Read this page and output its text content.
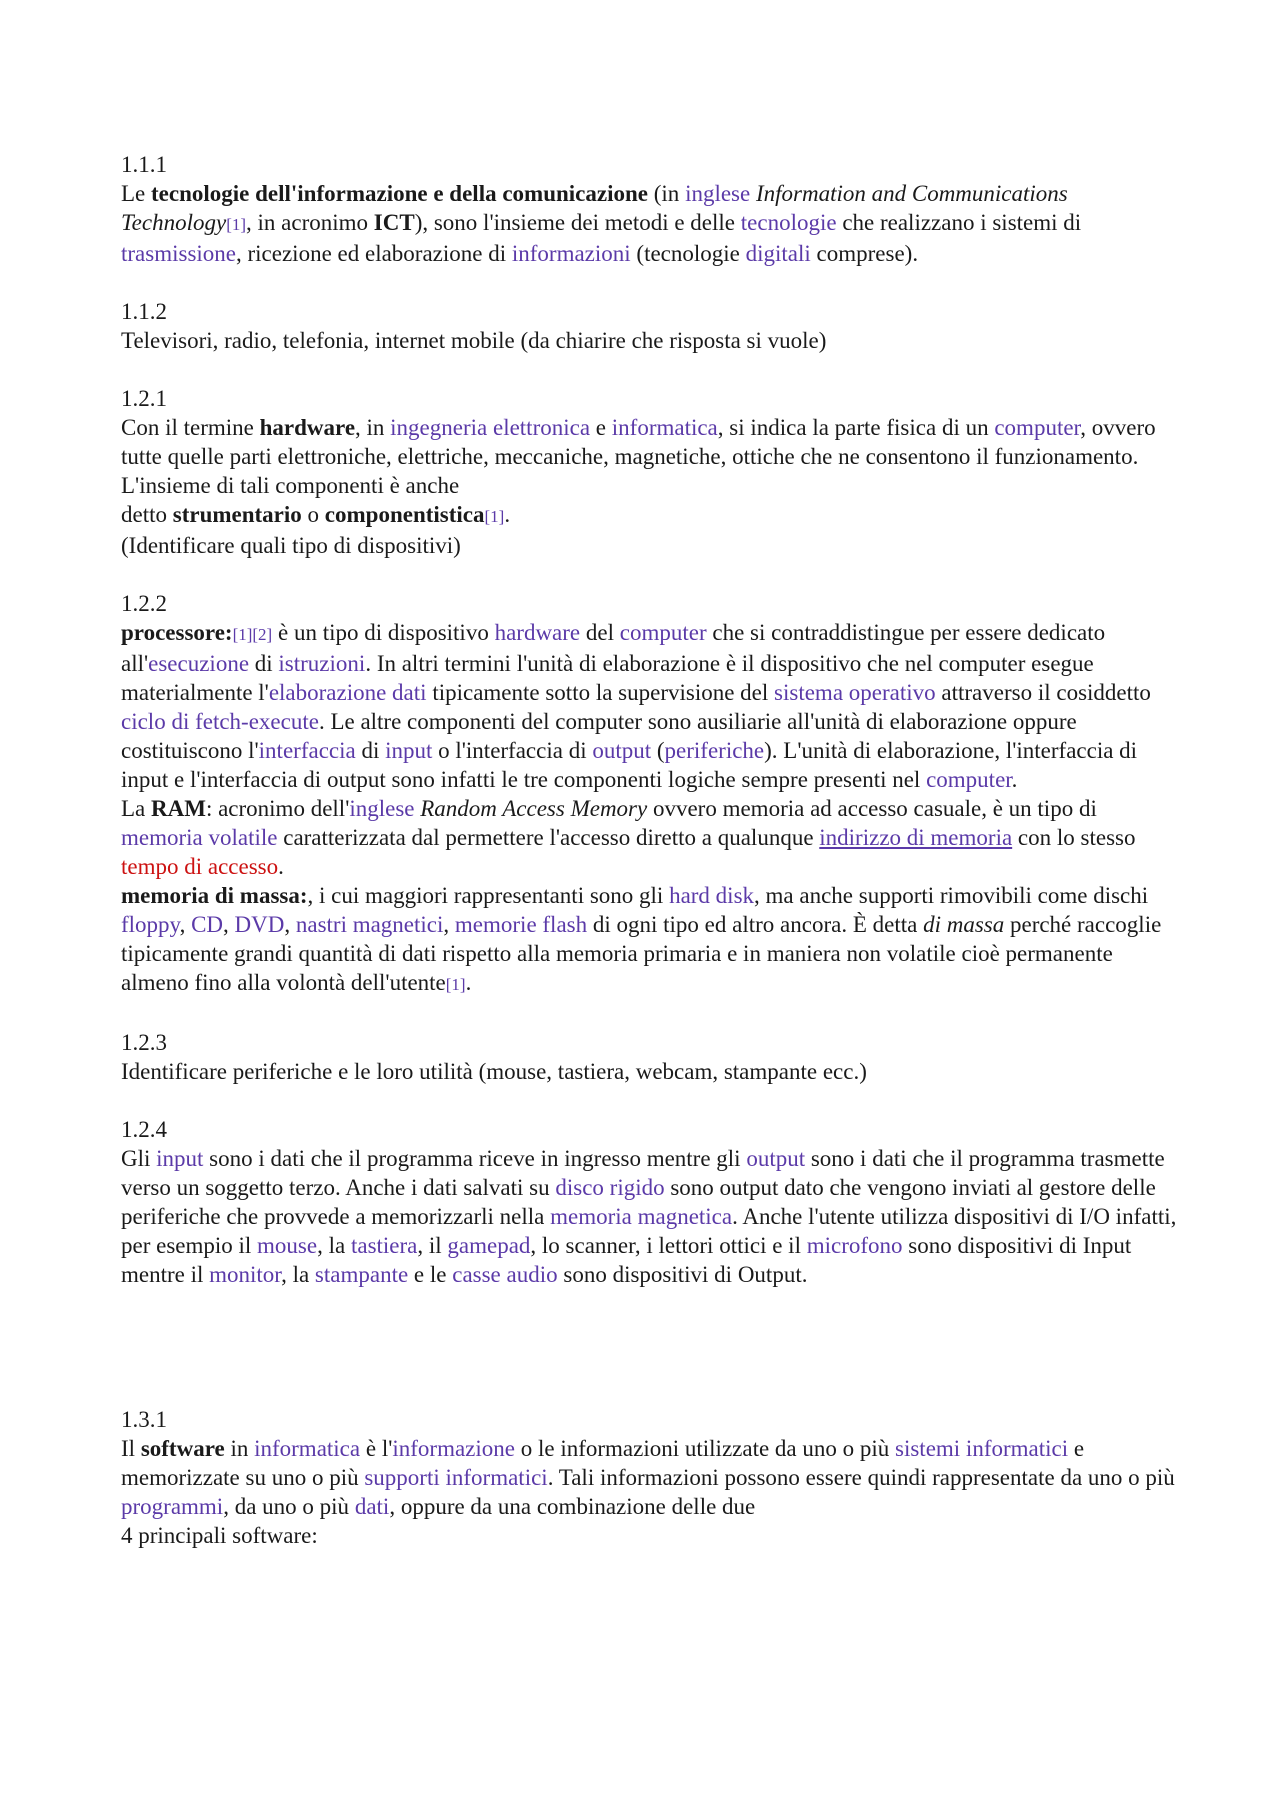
1.1.1

Le tecnologie dell'informazione e della comunicazione (in inglese Information and Communications Technology[1], in acronimo ICT), sono l'insieme dei metodi e delle tecnologie che realizzano i sistemi di trasmissione, ricezione ed elaborazione di informazioni (tecnologie digitali comprese).

1.1.2

Televisori, radio, telefonia, internet mobile (da chiarire che risposta si vuole)

1.2.1

Con il termine hardware, in ingegneria elettronica e informatica, si indica la parte fisica di un computer, ovvero tutte quelle parti elettroniche, elettriche, meccaniche, magnetiche, ottiche che ne consentono il funzionamento. L'insieme di tali componenti è anche
detto strumentario o componentistica[1].

(Identificare quali tipo di dispositivi)

1.2.2

processore:[1][2] è un tipo di dispositivo hardware del computer che si contraddistingue per essere dedicato all'esecuzione di istruzioni. In altri termini l'unità di elaborazione è il dispositivo che nel computer esegue materialmente l'elaborazione dati tipicamente sotto la supervisione del sistema operativo attraverso il cosiddetto ciclo di fetch-execute. Le altre componenti del computer sono ausiliarie all'unità di elaborazione oppure costituiscono l'interfaccia di input o l'interfaccia di output (periferiche). L'unità di elaborazione, l'interfaccia di input e l'interfaccia di output sono infatti le tre componenti logiche sempre presenti nel computer.

La RAM: acronimo dell'inglese Random Access Memory ovvero memoria ad accesso casuale, è un tipo di memoria volatile caratterizzata dal permettere l'accesso diretto a qualunque indirizzo di memoria con lo stesso tempo di accesso.

memoria di massa:, i cui maggiori rappresentanti sono gli hard disk, ma anche supporti rimovibili come dischi floppy, CD, DVD, nastri magnetici, memorie flash di ogni tipo ed altro ancora. È detta di massa perché raccoglie tipicamente grandi quantità di dati rispetto alla memoria primaria e in maniera non volatile cioè permanente almeno fino alla volontà dell'utente[1].

1.2.3

Identificare periferiche e le loro utilità (mouse, tastiera, webcam, stampante ecc.)

1.2.4

Gli input sono i dati che il programma riceve in ingresso mentre gli output sono i dati che il programma trasmette verso un soggetto terzo. Anche i dati salvati su disco rigido sono output dato che vengono inviati al gestore delle periferiche che provvede a memorizzarli nella memoria magnetica. Anche l'utente utilizza dispositivi di I/O infatti, per esempio il mouse, la tastiera, il gamepad, lo scanner, i lettori ottici e il microfono sono dispositivi di Input mentre il monitor, la stampante e le casse audio sono dispositivi di Output.

1.3.1

Il software in informatica è l'informazione o le informazioni utilizzate da uno o più sistemi informatici e memorizzate su uno o più supporti informatici. Tali informazioni possono essere quindi rappresentate da uno o più programmi, da uno o più dati, oppure da una combinazione delle due

4 principali software:
